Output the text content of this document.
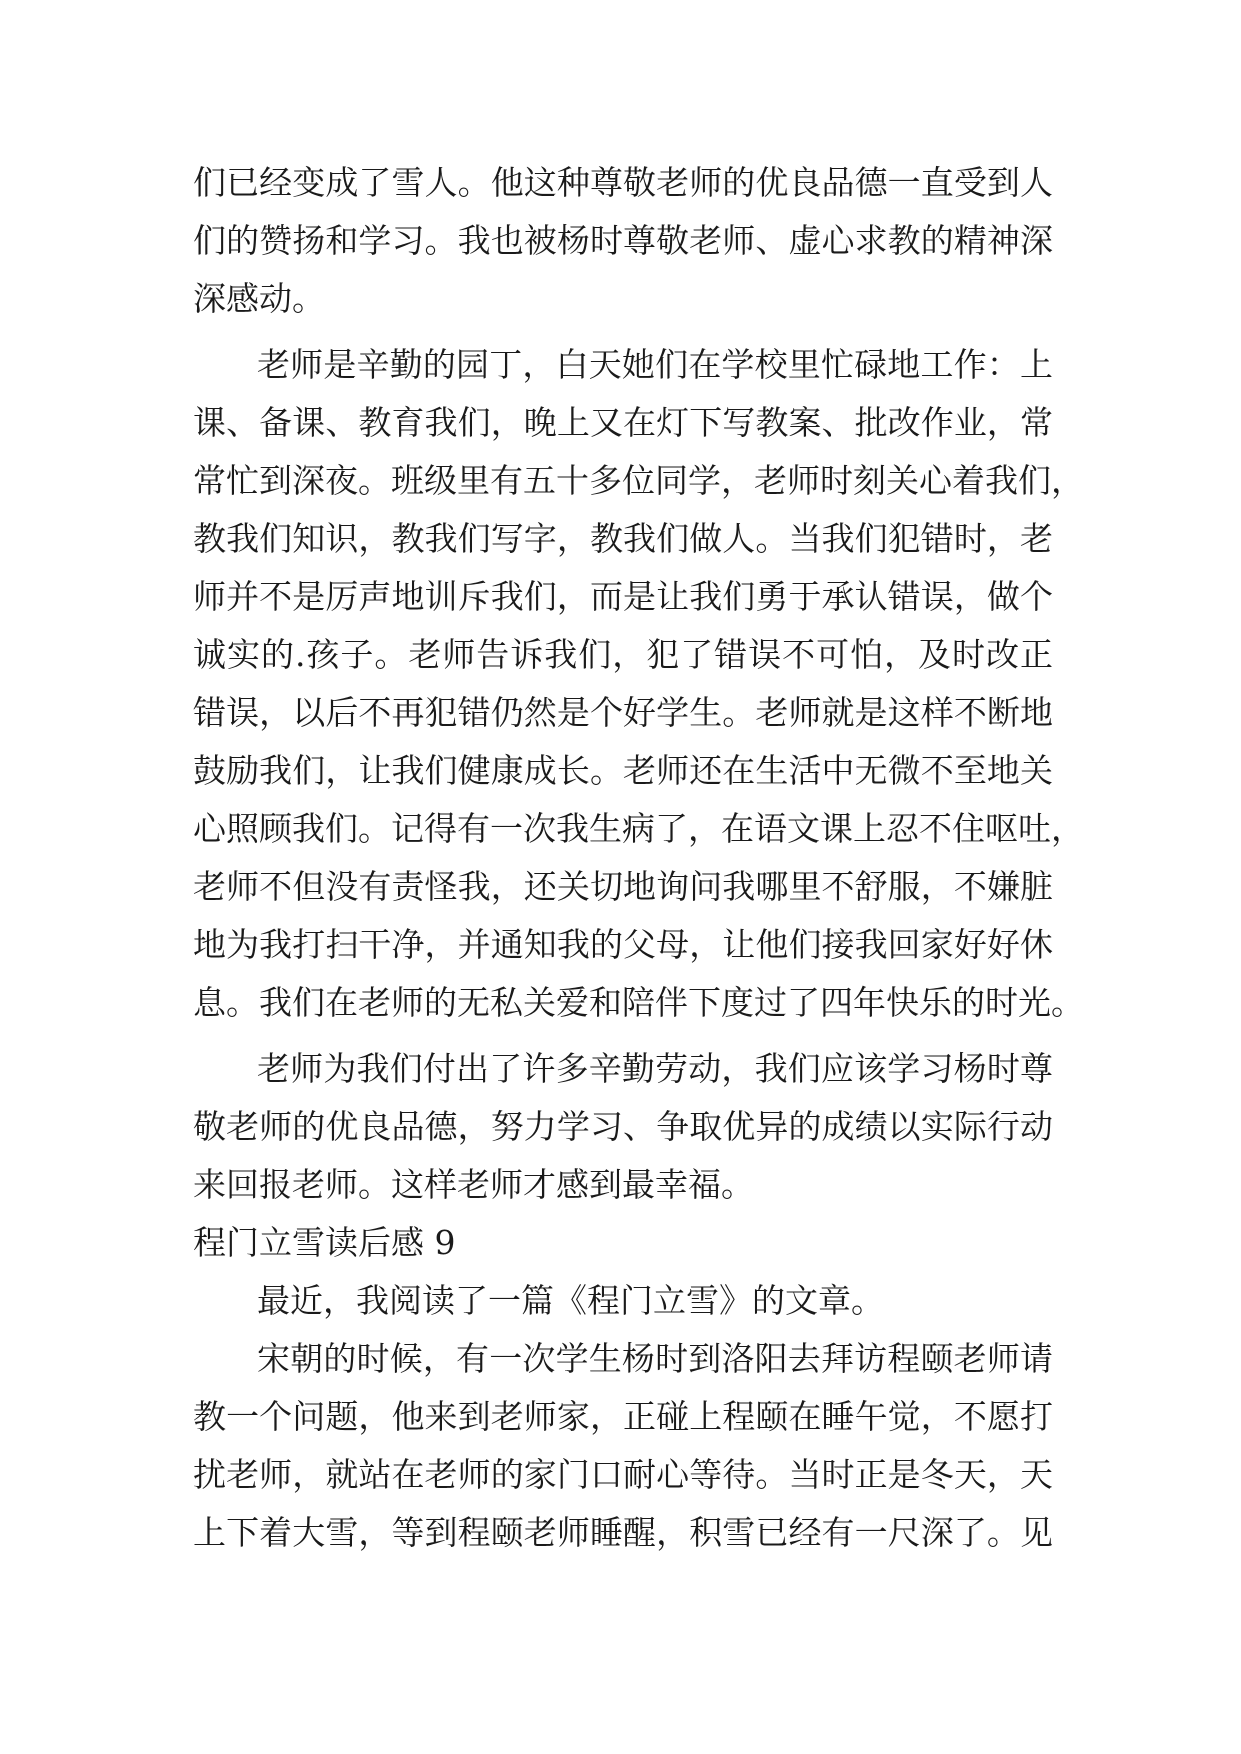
们已经变成了雪人。他这种尊敬老师的优良品德一直受到人
们的赞扬和学习。我也被杨时尊敬老师、虚心求教的精神深
深感动。
老师是辛勤的园丁，白天她们在学校里忙碌地工作：上
课、备课、教育我们，晚上又在灯下写教案、批改作业，常
常忙到深夜。班级里有五十多位同学，老师时刻关心着我们，
教我们知识，教我们写字，教我们做人。当我们犯错时，老
师并不是厉声地训斥我们，而是让我们勇于承认错误，做个
诚实的.孩子。老师告诉我们，犯了错误不可怕，及时改正
错误，以后不再犯错仍然是个好学生。老师就是这样不断地
鼓励我们，让我们健康成长。老师还在生活中无微不至地关
心照顾我们。记得有一次我生病了，在语文课上忍不住呕吐，
老师不但没有责怪我，还关切地询问我哪里不舒服，不嫌脏
地为我打扫干净，并通知我的父母，让他们接我回家好好休
息。我们在老师的无私关爱和陪伴下度过了四年快乐的时光。
老师为我们付出了许多辛勤劳动，我们应该学习杨时尊
敬老师的优良品德，努力学习、争取优异的成绩以实际行动
来回报老师。这样老师才感到最幸福。
程门立雪读后感 9
最近，我阅读了一篇《程门立雪》的文章。
宋朝的时候，有一次学生杨时到洛阳去拜访程颐老师请
教一个问题，他来到老师家，正碰上程颐在睡午觉，不愿打
扰老师，就站在老师的家门口耐心等待。当时正是冬天，天
上下着大雪，等到程颐老师睡醒，积雪已经有一尺深了。见
